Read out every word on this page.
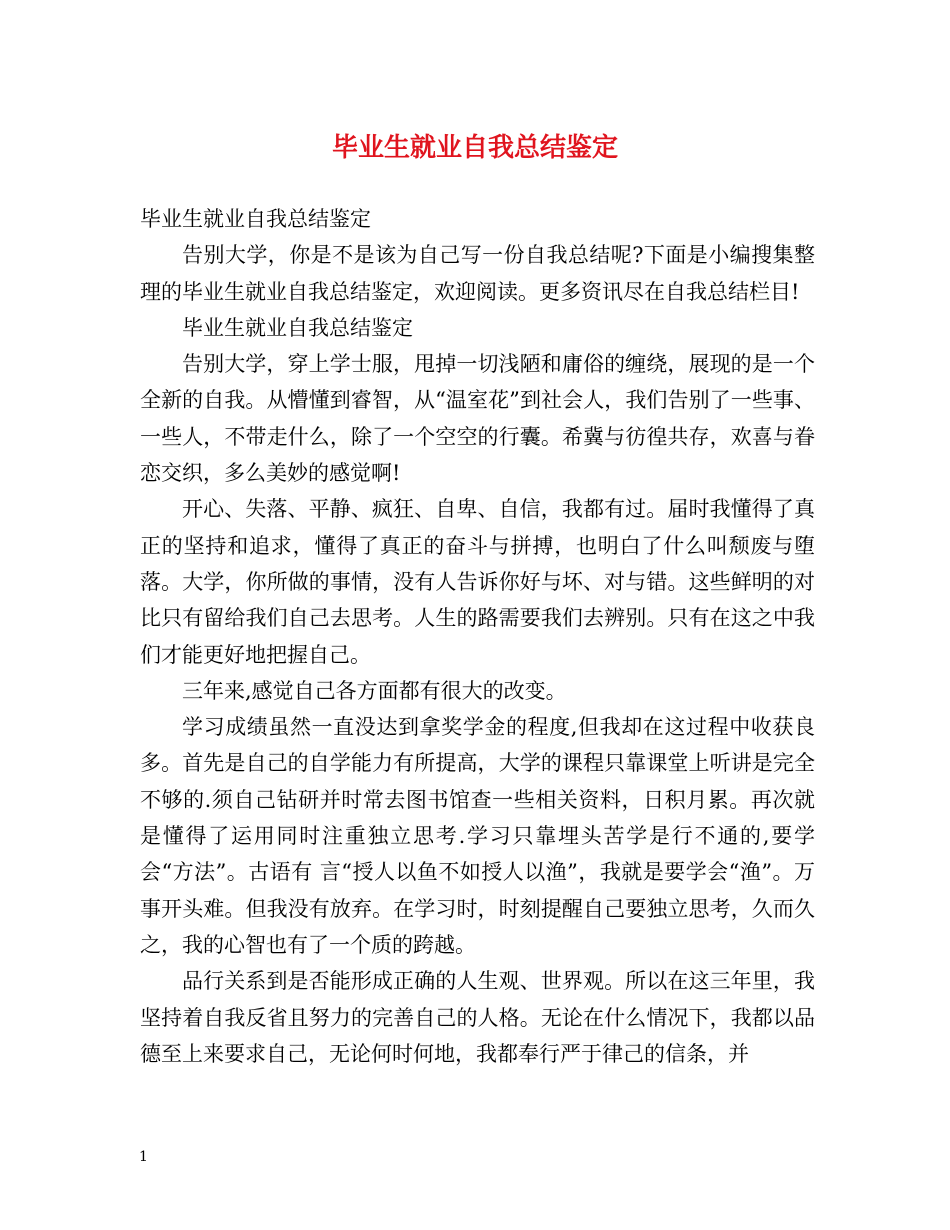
毕业生就业自我总结鉴定

毕业生就业自我总结鉴定

告别大学，你是不是该为自己写一份自我总结呢?下面是小编搜集整理的毕业生就业自我总结鉴定，欢迎阅读。更多资讯尽在自我总结栏目!

毕业生就业自我总结鉴定

告别大学，穿上学士服，甩掉一切浅陋和庸俗的缠绕，展现的是一个全新的自我。从懵懂到睿智，从“温室花”到社会人，我们告别了一些事、一些人，不带走什么，除了一个空空的行囊。希冀与彷徨共存，欢喜与眷恋交织，多么美妙的感觉啊!

开心、失落、平静、疯狂、自卑、自信，我都有过。届时我懂得了真正的坚持和追求，懂得了真正的奋斗与拼搏，也明白了什么叫颓废与堕落。大学，你所做的事情，没有人告诉你好与坏、对与错。这些鲜明的对比只有留给我们自己去思考。人生的路需要我们去辨别。只有在这之中我们才能更好地把握自己。

三年来,感觉自己各方面都有很大的改变。

学习成绩虽然一直没达到拿奖学金的程度,但我却在这过程中收获良多。首先是自己的自学能力有所提高，大学的课程只靠课堂上听讲是完全不够的.须自己钻研并时常去图书馆查一些相关资料，日积月累。再次就是懂得了运用同时注重独立思考.学习只靠埋头苦学是行不通的,要学会“方法”。古语有 言“授人以鱼不如授人以渔”，我就是要学会“渔”。万事开头难。但我没有放弃。在学习时，时刻提醒自己要独立思考，久而久之，我的心智也有了一个质的跨越。

品行关系到是否能形成正确的人生观、世界观。所以在这三年里，我坚持着自我反省且努力的完善自己的人格。无论在什么情况下，我都以品德至上来要求自己，无论何时何地，我都奉行严于律己的信条，并

1
